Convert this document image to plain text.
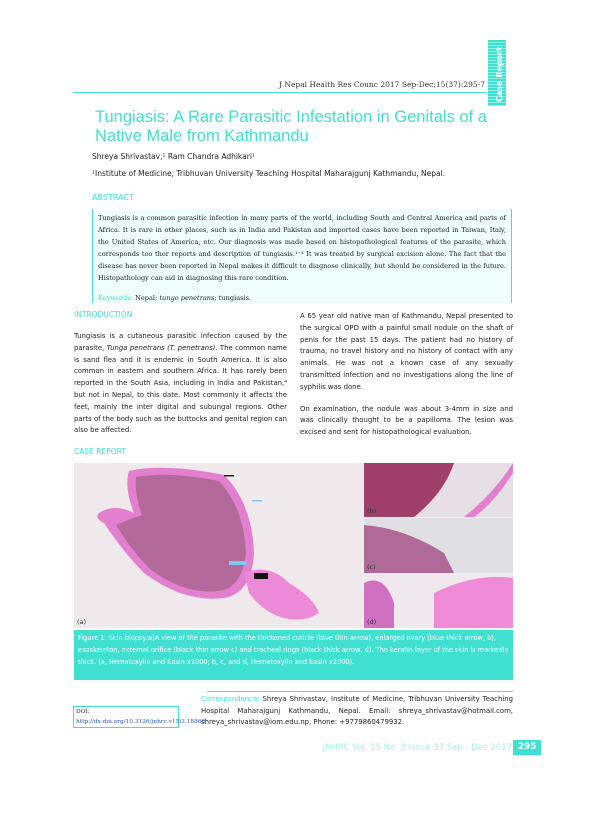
Case Report
J Nepal Health Res Counc 2017 Sep-Dec;15(37):295-7
Tungiasis: A Rare Parasitic Infestation in Genitals of a Native Male from Kathmandu
Shreya Shrivastav,¹ Ram Chandra Adhikari¹
¹Institute of Medicine, Tribhuvan University Teaching Hospital Maharajgunj Kathmandu, Nepal.
ABSTRACT
Tungiasis is a common parasitic infection in many parts of the world, including South and Central America and parts of Africa. It is rare in other places, such as in India and Pakistan and imported cases have been reported in Taiwan, Italy, the United States of America, etc. Our diagnosis was made based on histopathological features of the parasite, which corresponds too ther reports and description of tungiasis.¹⁻³ It was treated by surgical excision alone. The fact that the disease has never been reported in Nepal makes it difficult to diagnose clinically, but should be considered in the future. Histopathology can aid in diagnosing this rare condition.
Keywords: Nepal; tungo penetrans; tungiasis.
INTRODUCTION
Tungiasis is a cutaneous parasitic infection caused by the parasite, Tunga penetrans (T. penetrans). The common name is sand flea and it is endemic in South America. It is also common in eastern and southern Africa. It has rarely been reported in the South Asia, including in India and Pakistan,⁴ but not in Nepal, to this date. Most commonly it affects the feet, mainly the inter digital and subungal regions. Other parts of the body such as the buttocks and genital region can also be affected.

A 65 year old native man of Kathmandu, Nepal presented to the surgical OPD with a painful small nodule on the shaft of penis for the past 15 days. The patient had no history of trauma, no travel history and no history of contact with any animals. He was not a known case of any sexually transmitted infection and no investigations along the line of syphilis was done.

On examination, the nodule was about 3-4mm in size and was clinically thought to be a papilloma. The lesion was excised and sent for histopathological evaluation.

CASE REPORT
(a)
(b)
(c)
(d)
Figure 1. Skin biopsy:a)A view of the parasite with the thickened cuticle (blue thin arrow), enlarged ovary (blue thick arrow, b), exoskeleton, external orifice (black thin arrow c) and tracheal rings (black thick arrow, d). The keratin layer of the skin is markedly thick. (a, Hematoxylin and Eosin x1000; b, c, and d, Hematoxylin and Eosin x2000).
Correspondence: Shreya Shrivastav, Institute of Medicine, Tribhuvan University Teaching Hospital Maharajgunj Kathmandu, Nepal. Email: shreya_shrivastav@hotmail.com, shreya_shrivastav@iom.edu.np, Phone: +9779860479932.
DOI: http://dx.doi.org/10.3126/jnhrc.v15i3.18860
JNHRC Vol. 15 No. 3 Issue 37 Sep - Dec 2017 295
